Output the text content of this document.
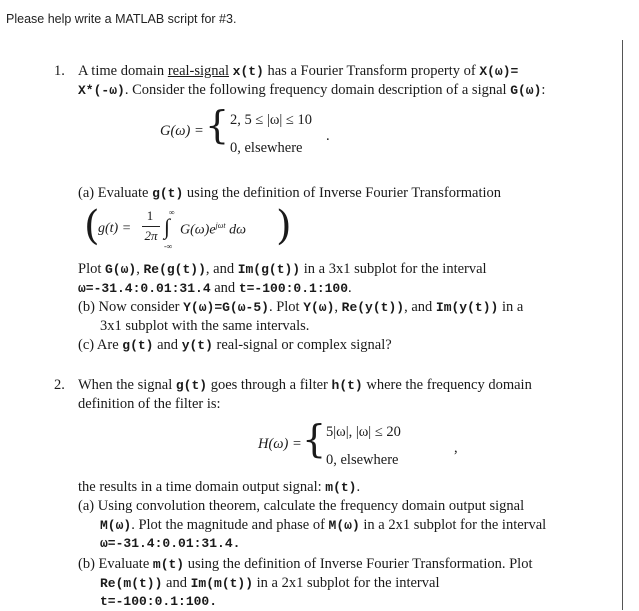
Please help write a MATLAB script for #3.
1. A time domain real-signal x(t) has a Fourier Transform property of X(ω)=
X*(-ω). Consider the following frequency domain description of a signal G(ω):
G(ω) = { 2, 5 ≤ |ω| ≤ 10
0, elsewhere
.
(a) Evaluate g(t) using the definition of Inverse Fourier Transformation
(
g(t) =
1
2π
∞
∫
-∞
$G(\omega)e^{j\omega t}$ dω )
Plot G(ω), Re(g(t)), and Im(g(t)) in a 3x1 subplot for the interval
ω=-31.4:0.01:31.4 and t=-100:0.1:100.
(b) Now consider Y(ω)=G(ω-5). Plot Y(ω), Re(y(t)), and Im(y(t)) in a
3x1 subplot with the same intervals.
(c) Are g(t) and y(t) real-signal or complex signal?
2. When the signal g(t) goes through a filter h(t) where the frequency domain
definition of the filter is:
H(ω) = { 5|ω|, |ω| ≤ 20
0, elsewhere
,
the results in a time domain output signal: m(t).
(a) Using convolution theorem, calculate the frequency domain output signal
M(ω). Plot the magnitude and phase of M(ω) in a 2x1 subplot for the interval
ω=-31.4:0.01:31.4.
(b) Evaluate m(t) using the definition of Inverse Fourier Transformation. Plot
Re(m(t)) and Im(m(t)) in a 2x1 subplot for the interval
t=-100:0.1:100.
